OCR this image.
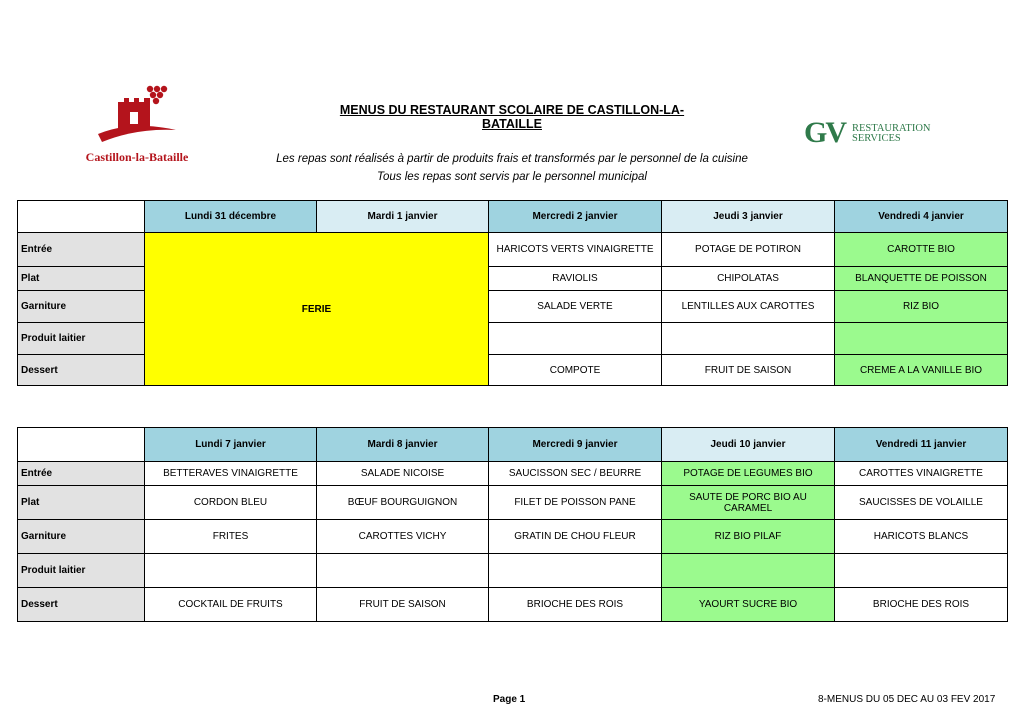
Castillon-la-Bataille
GV RESTAURATION
SERVICES
MENUS DU RESTAURANT SCOLAIRE DE CASTILLON-LA-BATAILLE
Les repas sont réalisés à partir de produits frais et transformés par le personnel de la cuisine
Tous les repas sont servis par le personnel municipal
	Lundi 31 décembre	Mardi 1 janvier	Mercredi 2 janvier	Jeudi 3 janvier	Vendredi 4 janvier
Entrée	FERIE		HARICOTS VERTS VINAIGRETTE	POTAGE DE POTIRON	CAROTTE BIO
Plat			RAVIOLIS	CHIPOLATAS	BLANQUETTE DE POISSON
Garniture			SALADE VERTE	LENTILLES AUX CAROTTES	RIZ BIO
Produit laitier					
Dessert			COMPOTE	FRUIT DE SAISON	CREME A LA VANILLE BIO
	Lundi 7 janvier	Mardi 8 janvier	Mercredi 9 janvier	Jeudi 10 janvier	Vendredi 11 janvier
Entrée	BETTERAVES VINAIGRETTE	SALADE NICOISE	SAUCISSON SEC / BEURRE	POTAGE DE LEGUMES BIO	CAROTTES VINAIGRETTE
Plat	CORDON BLEU	BŒUF BOURGUIGNON	FILET DE POISSON PANE	SAUTE DE PORC BIO AU CARAMEL	SAUCISSES DE VOLAILLE
Garniture	FRITES	CAROTTES VICHY	GRATIN DE CHOU FLEUR	RIZ BIO PILAF	HARICOTS BLANCS
Produit laitier					
Dessert	COCKTAIL DE FRUITS	FRUIT DE SAISON	BRIOCHE DES ROIS	YAOURT SUCRE BIO	BRIOCHE DES ROIS
Page 1	8-MENUS DU 05 DEC AU 03 FEV 2017
